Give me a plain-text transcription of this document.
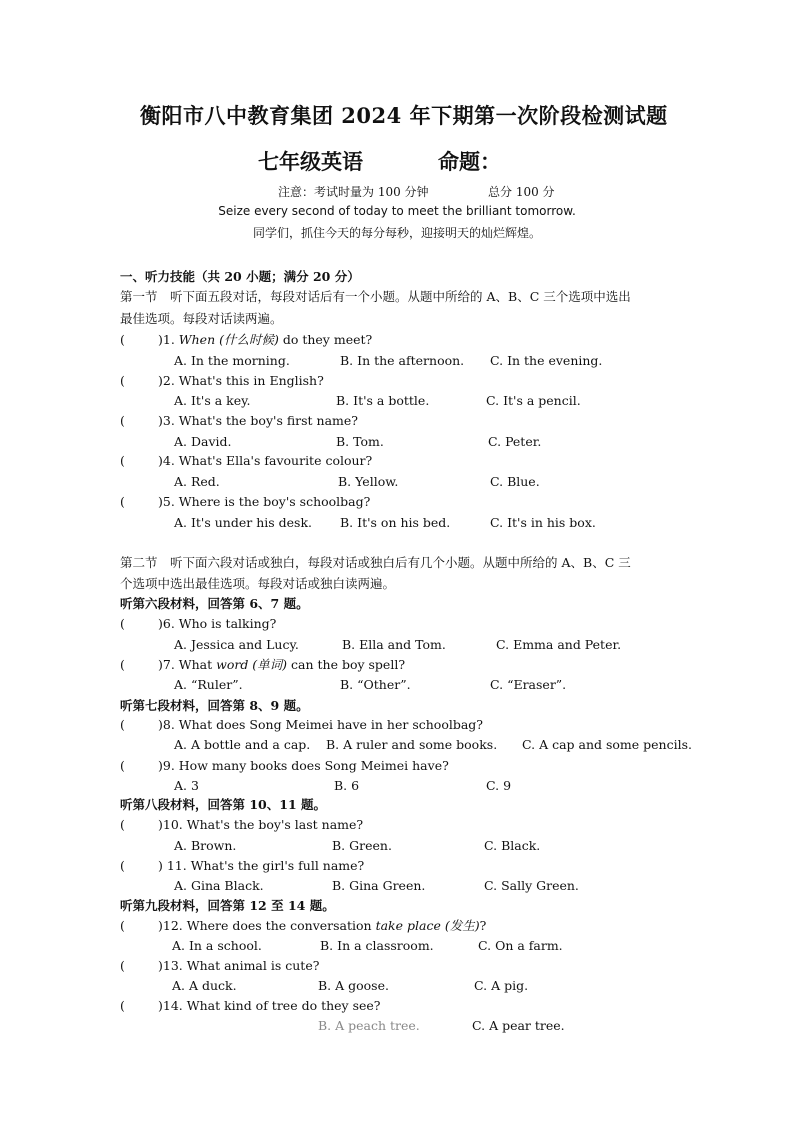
衡阳市八中教育集团 2024 年下期第一次阶段检测试题
七年级英语	命题：
注意：考试时量为 100 分钟	总分 100 分
Seize every second of today to meet the brilliant tomorrow.
同学们，抓住今天的每分每秒，迎接明天的灿烂辉煌。
一、听力技能（共 20 小题；满分 20 分）
第一节　听下面五段对话，每段对话后有一个小题。从题中所给的 A、B、C 三个选项中选出
最佳选项。每段对话读两遍。
第二节　听下面六段对话或独白，每段对话或独白后有几个小题。从题中所给的 A、B、C 三
个选项中选出最佳选项。每段对话或独白读两遍。
听第六段材料，回答第 6、7 题。
听第七段材料，回答第 8、9 题。
听第八段材料，回答第 10、11 题。
听第九段材料，回答第 12 至 14 题。
(	)1. When (什么时候) do they meet?
A. In the morning.	B. In the afternoon. C. In the evening.
(	)2. What's this in English?
A. It's a key.	B. It's a bottle.	C. It's a pencil.
(	)3. What's the boy's first name?
A. David.	B. Tom.	C. Peter.
(	)4. What's Ella's favourite colour?
A. Red.	B. Yellow.	C. Blue.
(	)5. Where is the boy's schoolbag?
A. It's under his desk. B. It's on his bed.	C. It's in his box.
(	)6. Who is talking?
A. Jessica and Lucy.	B. Ella and Tom.	C. Emma and Peter.
(	)7. What word (单词) can the boy spell?
A. “Ruler”.	B. “Other”.	C. “Eraser”.
(	)8. What does Song Meimei have in her schoolbag?
A. A bottle and a cap. B. A ruler and some books. C. A cap and some pencils.
(	)9. How many books does Song Meimei have?
A. 3	B. 6	C. 9
(	)10. What's the boy's last name?
A. Brown.	B. Green.	C. Black.
(	) 11. What's the girl's full name?
A. Gina Black.	B. Gina Green.	C. Sally Green.
(	)12. Where does the conversation take place (发生)?
A. In a school.	B. In a classroom.	C. On a farm.
(	)13. What animal is cute?
A. A duck.	B. A goose.	C. A pig.
(	)14. What kind of tree do they see?
B. A peach tree.	C. A pear tree.
